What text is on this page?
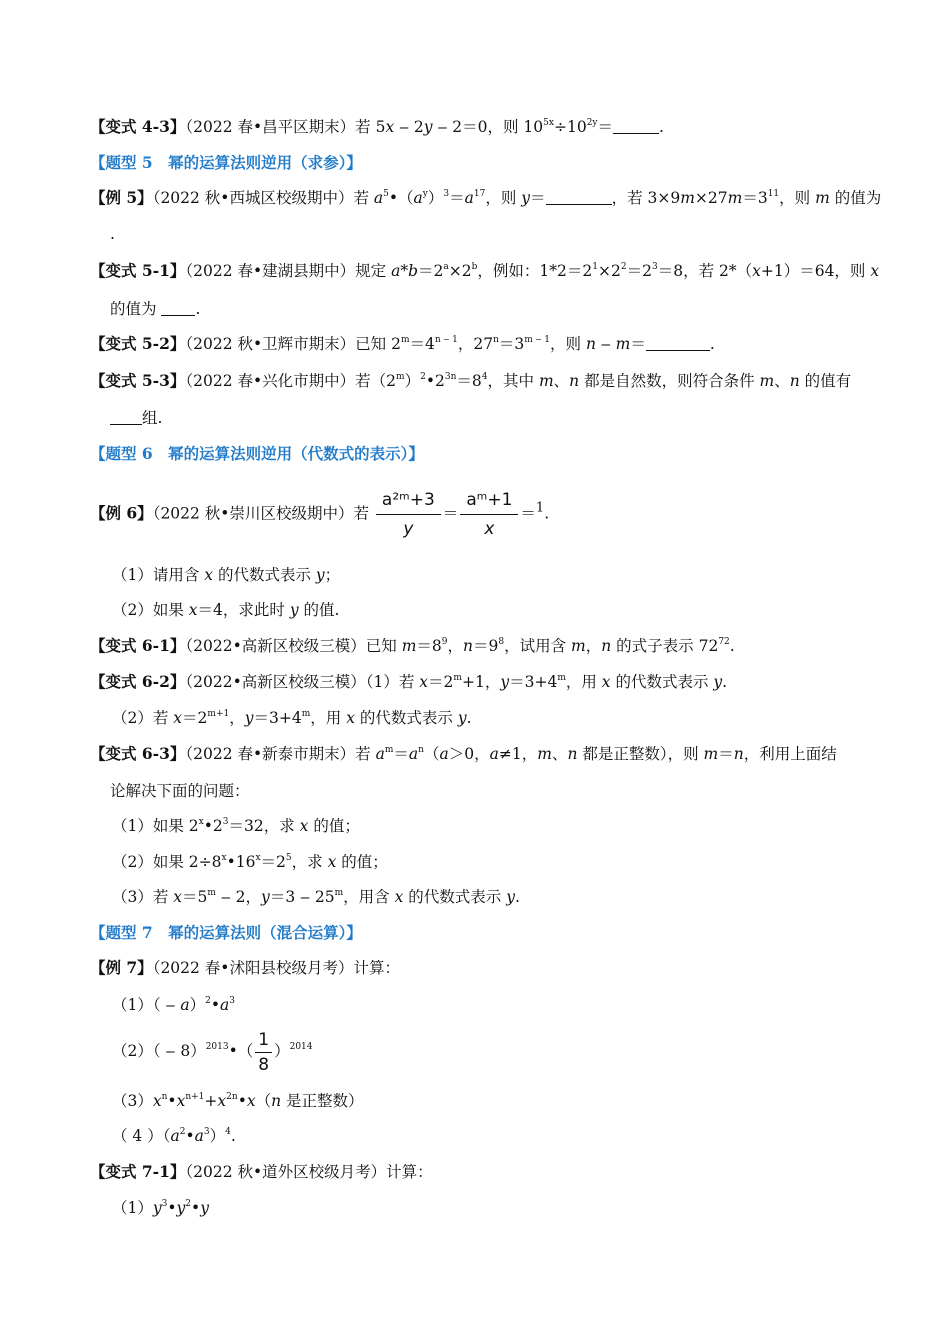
【变式 4-3】（2022 春•昌平区期末）若 5x ‒ 2y ‒ 2＝0，则 $10^{5x}\div 10^{2y}=$	.
【题型 5　幂的运算法则逆用（求参）】
【例 5】（2022 秋•西城区校级期中）若 $a^5•(a^y)^3=a^{17}$，则 y＝	，若 $3\times 9m\times 27m=3^{11}$，则 m 的值为
.
【变式 5-1】（2022 春•建湖县期中）规定 $a*b=2^a\times 2^b$，例如：$1*2=2^1\times 2^2=2^3=8$，若 2*（x+1）＝64，则 x
的值为 .
【变式 5-2】（2022 秋•卫辉市期末）已知 $2^m=4^{n ‒ 1}$，$27^n=3^{m ‒ 1}$，则 n ‒ m＝	.
【变式 5-3】（2022 春•兴化市期中）若$(2^m)^2•2^{3n}=8^4$，其中 m、n 都是自然数，则符合条件 m、n 的值有
组.
【题型 6　幂的运算法则逆用（代数式的表示）】
【例 6】（2022 秋•崇川区校级期中）若 $\frac{\text{a²ᵐ+3}}{y} = \frac{\text{aᵐ+1}}{x} =^1$.
（1）请用含 x 的代数式表示 y；
（2）如果 x＝4，求此时 y 的值.
【变式 6-1】（2022•高新区校级三模）已知 $m=8^9$，$n=9^8$，试用含 m，n 的式子表示 $72^{72}$.
【变式 6-2】（2022•高新区校级三模）（1）若 $x=2^m+1$，$y=3+4^m$，用 x 的代数式表示 y.
（2）若 $x=2^{m+1}$，$y=3+4^m$，用 x 的代数式表示 y.
【变式 6-3】（2022 春•新泰市期末）若 $a^m=a^n(a>0$，a≠1，m、n 都是正整数），则 m＝n，利用上面结
论解决下面的问题：
（1）如果 $2^x•2^3=32$，求 x 的值；
（2）如果 $2\div 8^x•16^x=2^5$，求 x 的值；
（3）若 $x=5^m$ ‒ 2，y＝3 ‒ 25$^m$，用含 x 的代数式表示 y.
【题型 7　幂的运算法则（混合运算）】
【例 7】（2022 春•沭阳县校级月考）计算：
（1）（ ‒ $a)^2•a^3$
（2）（ ‒ 8）$^{2013}$•（ $\frac{1}{8} )^{2014}$
$(3)x^n•x^{n+1}+x^{2n}•x(n$ 是正整数）
（ 4 ）$(a^2•a^3)^4$.
【变式 7-1】（2022 秋•道外区校级月考）计算：
$(1)y^3•y^2•y$
